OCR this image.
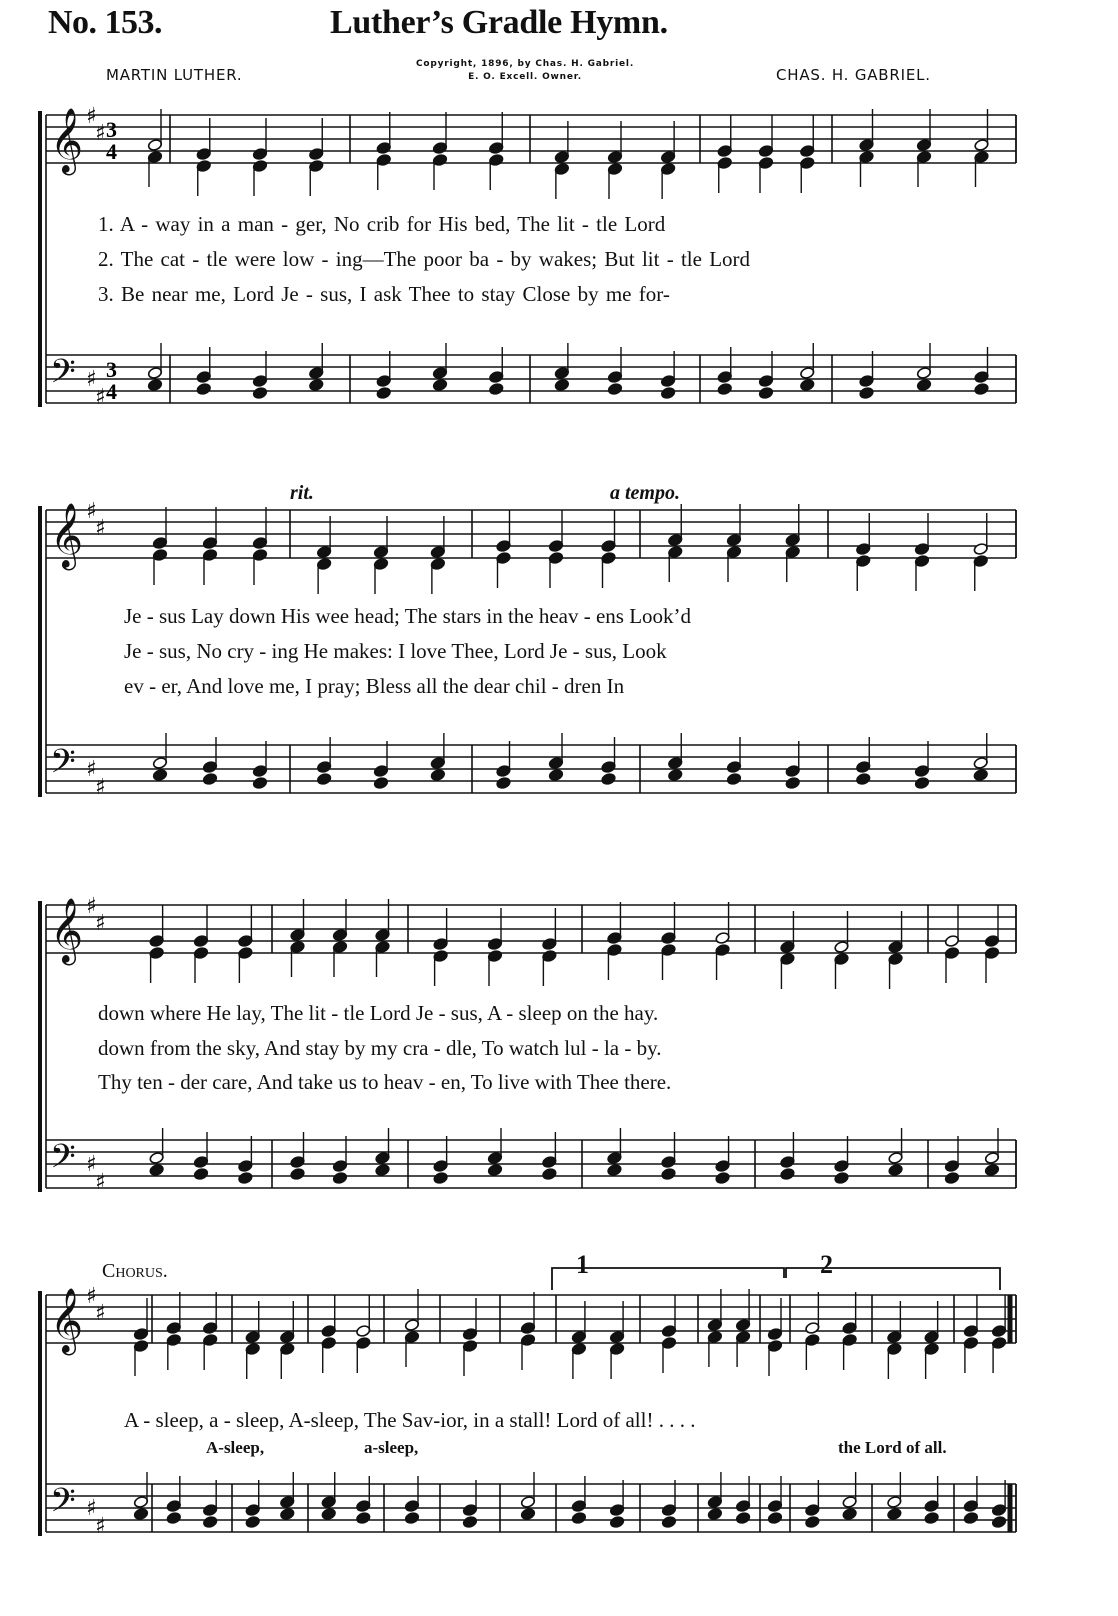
No. 153.	Luther’s Gradle Hymn.
MARTIN LUTHER.
Copyright, 1896, by Chas. H. Gabriel.
E. O. Excell. Owner.	CHAS. H. GABRIEL.
𝄞
𝄢
♯
♯
♯
♯
3
4
3
4
𝄞
𝄢
♯
♯
♯
♯
𝄞
𝄢
♯
♯
♯
♯
𝄞
𝄢
♯
♯
♯
♯
rit.	a tempo.
Chorus.	1	2
1. A - way in a man - ger, No crib for His bed, The lit - tle Lord
2. The cat - tle were low - ing—The poor ba - by wakes; But lit - tle Lord
3. Be near me, Lord Je - sus, I ask Thee to stay Close by me for-
Je - sus Lay down His wee head; The stars in the heav - ens Look’d
Je - sus, No cry - ing He makes: I love Thee, Lord Je - sus, Look
ev - er, And love me, I pray; Bless all the dear chil - dren In
down where He lay, The lit - tle Lord Je - sus, A - sleep on the hay.
down from the sky, And stay by my cra - dle, To watch lul - la - by.
Thy ten - der care, And take us to heav - en, To live with Thee there.
A - sleep, a - sleep, A-sleep, The Sav-ior, in a stall! Lord of all! . . . .
A-sleep,	a-sleep,	the Lord of all.
